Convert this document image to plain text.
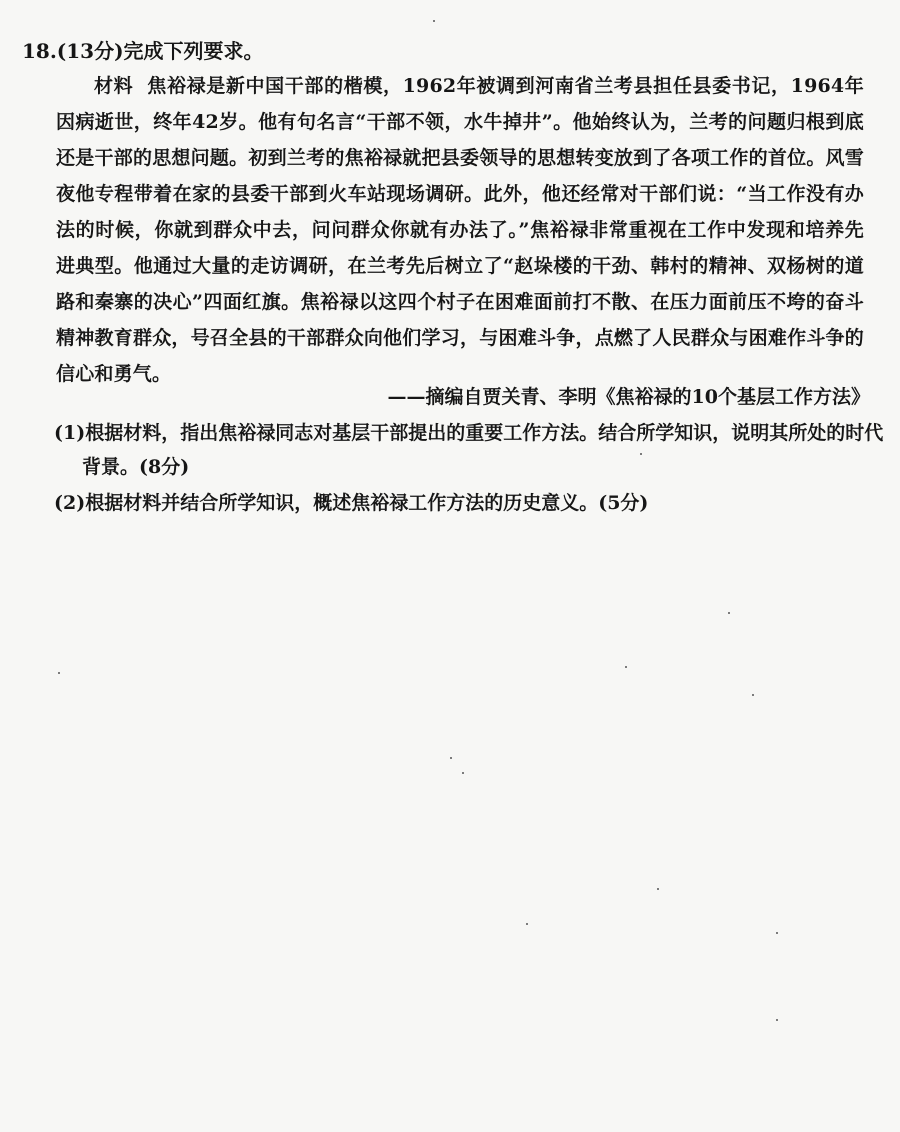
18.(13分)完成下列要求。
材料 焦裕禄是新中国干部的楷模，1962年被调到河南省兰考县担任县委书记，1964年因病逝世，终年42岁。他有句名言“干部不领，水牛掉井”。他始终认为，兰考的问题归根到底还是干部的思想问题。初到兰考的焦裕禄就把县委领导的思想转变放到了各项工作的首位。风雪夜他专程带着在家的县委干部到火车站现场调研。此外，他还经常对干部们说：“当工作没有办法的时候，你就到群众中去，问问群众你就有办法了。”焦裕禄非常重视在工作中发现和培养先进典型。他通过大量的走访调研，在兰考先后树立了“赵垛楼的干劲、韩村的精神、双杨树的道路和秦寨的决心”四面红旗。焦裕禄以这四个村子在困难面前打不散、在压力面前压不垮的奋斗精神教育群众，号召全县的干部群众向他们学习，与困难斗争，点燃了人民群众与困难作斗争的信心和勇气。
——摘编自贾关青、李明《焦裕禄的10个基层工作方法》
(1)根据材料，指出焦裕禄同志对基层干部提出的重要工作方法。结合所学知识，说明其所处的时代背景。(8分)
(2)根据材料并结合所学知识，概述焦裕禄工作方法的历史意义。(5分)
